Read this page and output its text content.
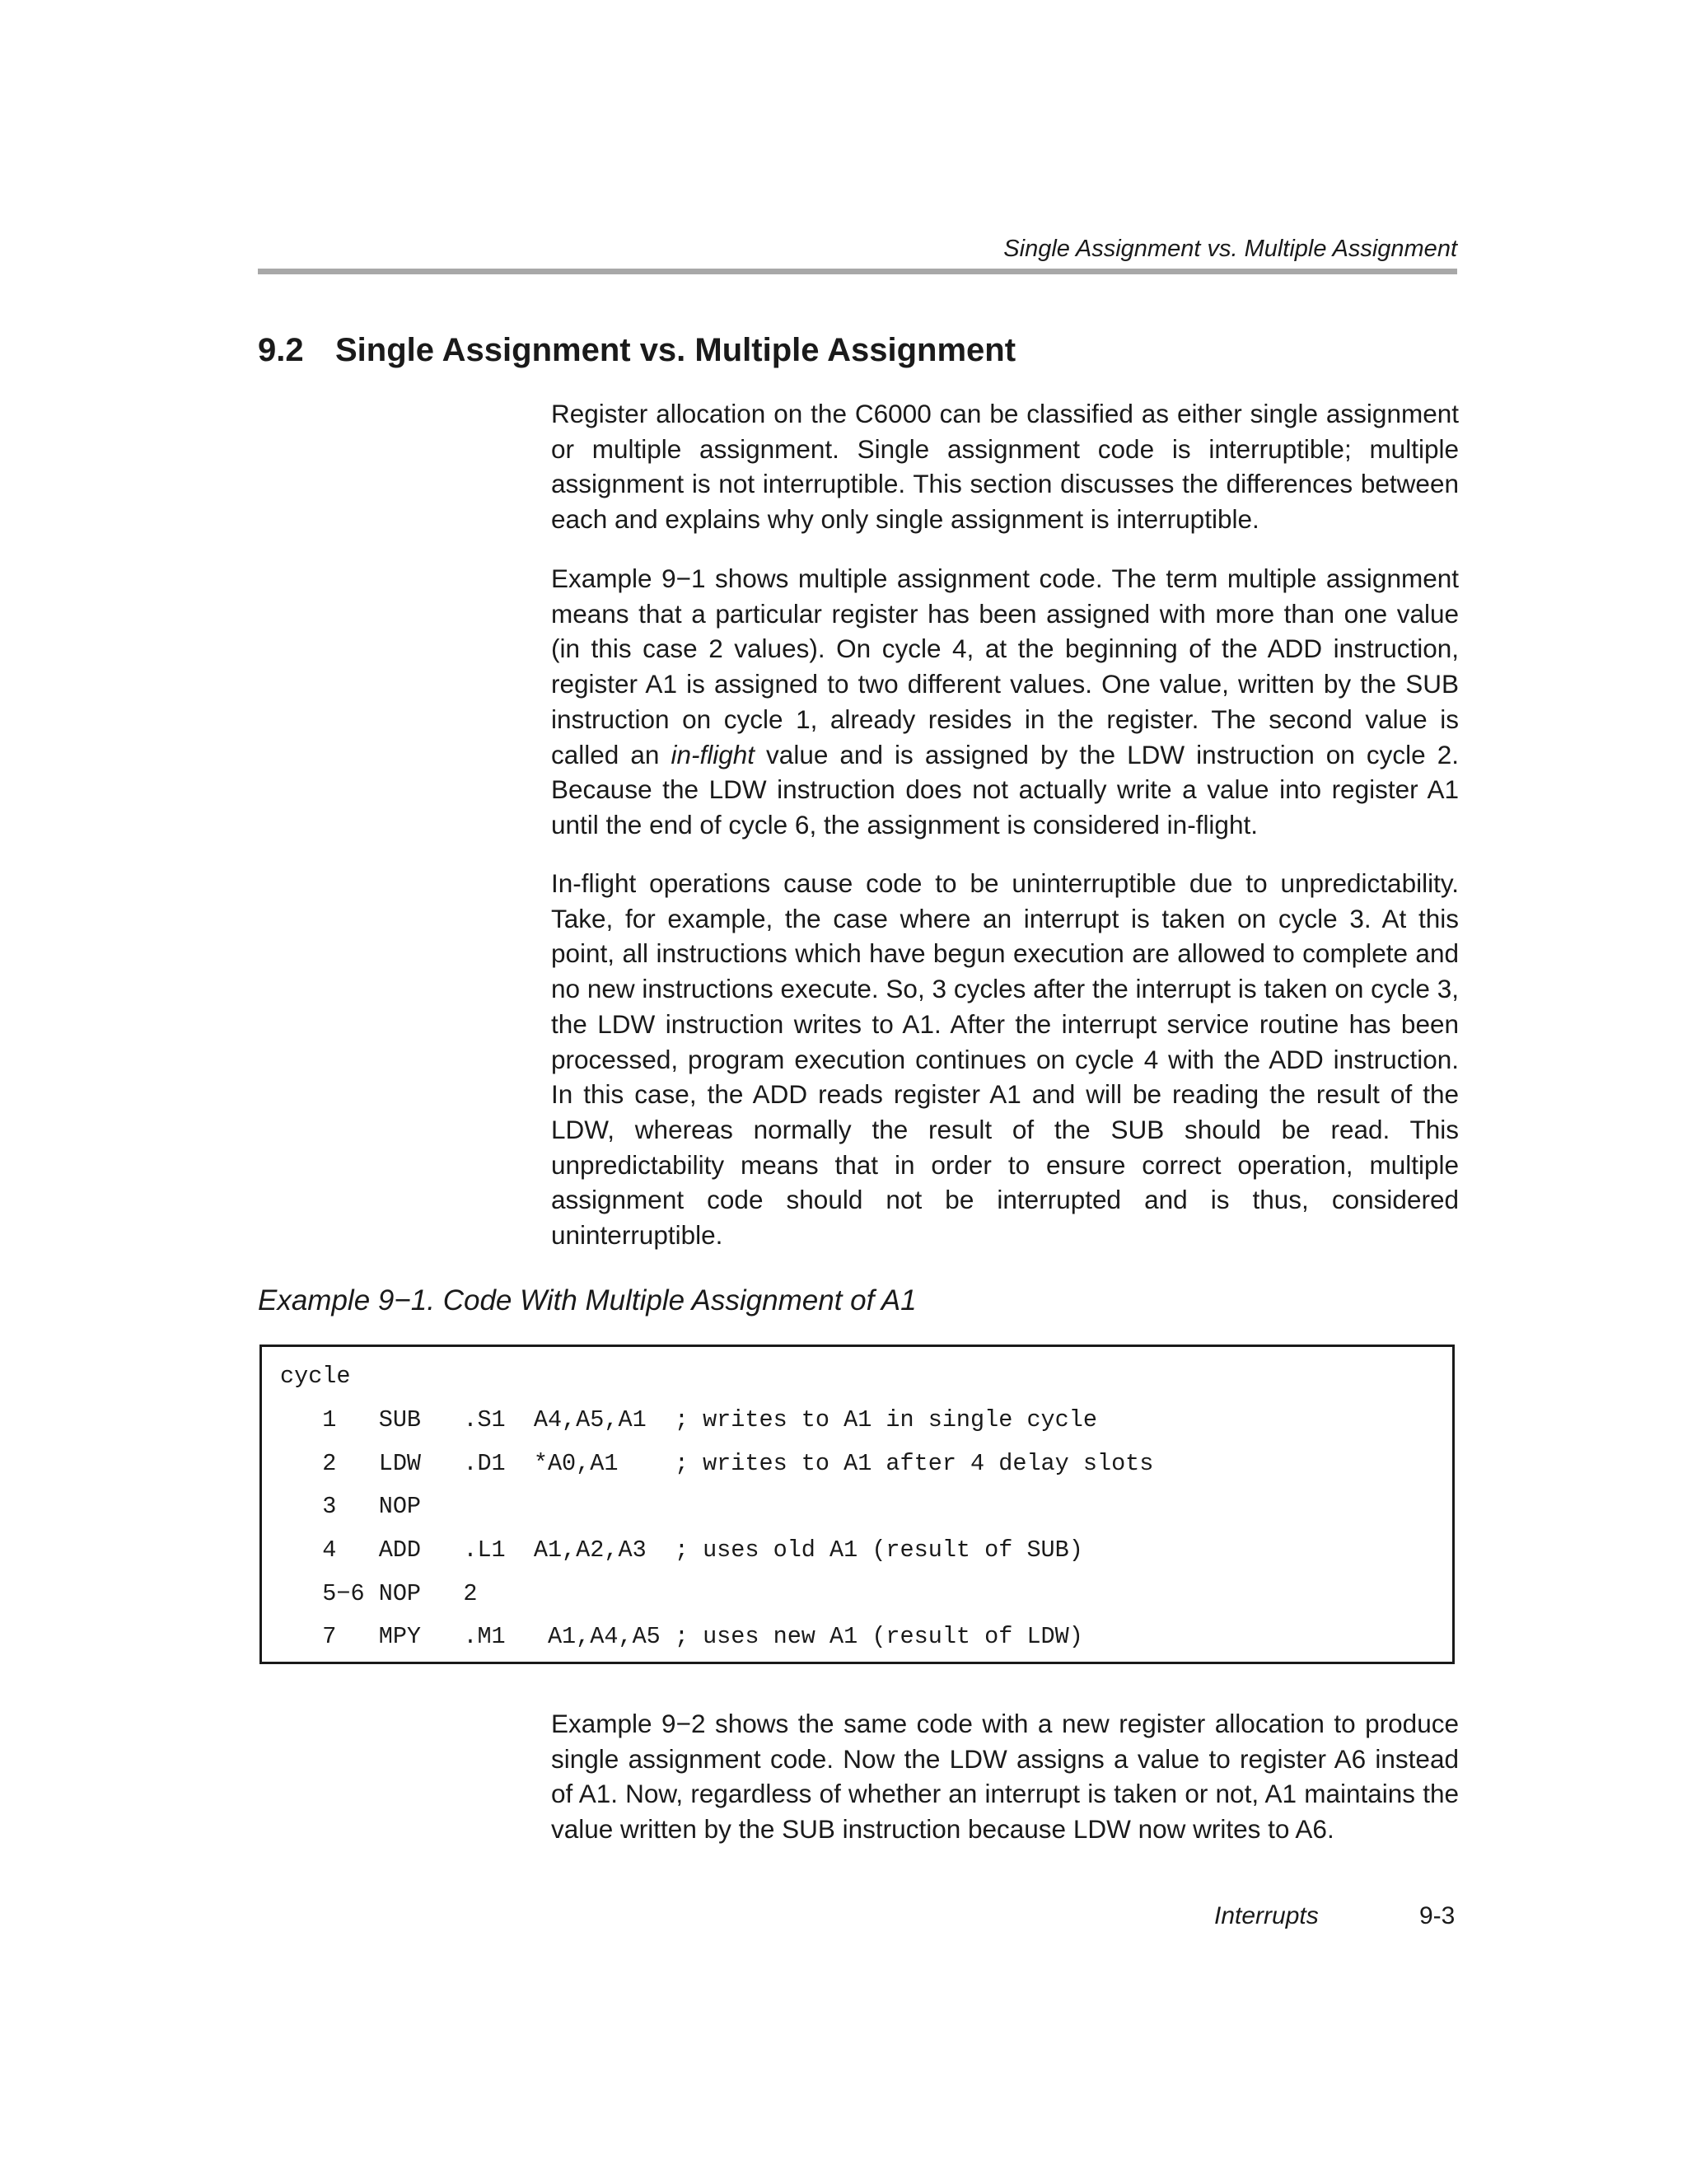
Single Assignment vs. Multiple Assignment
9.2 Single Assignment vs. Multiple Assignment

Register allocation on the C6000 can be classified as either single assignment or multiple assignment. Single assignment code is interruptible; multiple assignment is not interruptible. This section discusses the differences between each and explains why only single assignment is interruptible.

Example 9−1 shows multiple assignment code. The term multiple assignment means that a particular register has been assigned with more than one value (in this case 2 values). On cycle 4, at the beginning of the ADD instruction, register A1 is assigned to two different values. One value, written by the SUB instruction on cycle 1, already resides in the register. The second value is called an in-flight value and is assigned by the LDW instruction on cycle 2. Because the LDW instruction does not actually write a value into register A1 until the end of cycle 6, the assignment is considered in-flight.

In-flight operations cause code to be uninterruptible due to unpredictability. Take, for example, the case where an interrupt is taken on cycle 3. At this point, all instructions which have begun execution are allowed to complete and no new instructions execute. So, 3 cycles after the interrupt is taken on cycle 3, the LDW instruction writes to A1. After the interrupt service routine has been processed, program execution continues on cycle 4 with the ADD instruction. In this case, the ADD reads register A1 and will be reading the result of the LDW, whereas normally the result of the SUB should be read. This unpredictability means that in order to ensure correct operation, multiple assignment code should not be interrupted and is thus, considered uninterruptible.

Example 9−1. Code With Multiple Assignment of A1
cycle
1   SUB   .S1  A4,A5,A1  ; writes to A1 in single cycle
2   LDW   .D1  *A0,A1    ; writes to A1 after 4 delay slots
3   NOP
4   ADD   .L1  A1,A2,A3  ; uses old A1 (result of SUB)
5−6 NOP   2
7   MPY   .M1   A1,A4,A5 ; uses new A1 (result of LDW)

Example 9−2 shows the same code with a new register allocation to produce single assignment code. Now the LDW assigns a value to register A6 instead of A1. Now, regardless of whether an interrupt is taken or not, A1 maintains the value written by the SUB instruction because LDW now writes to A6.

Interrupts	9-3
